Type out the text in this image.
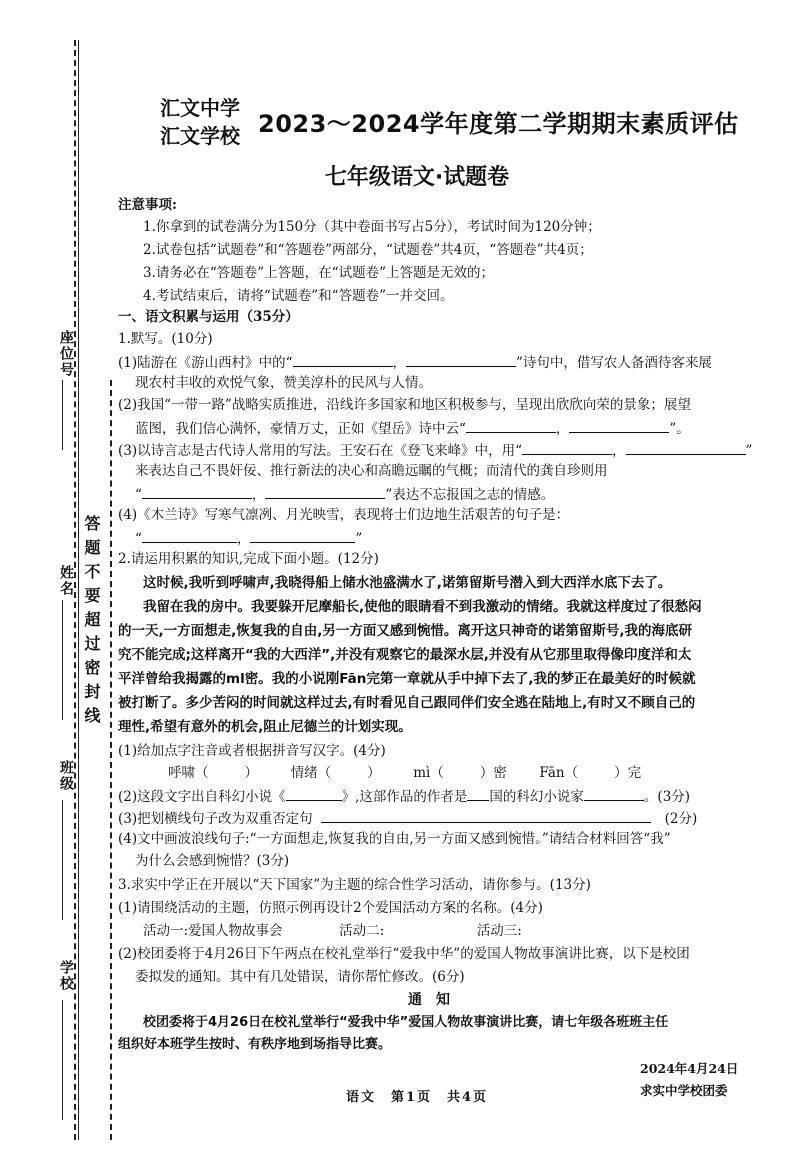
座位号
姓名
班级
学校
答题不要超过密封线
汇文中学
汇文学校 2023～2024学年度第二学期期末素质评估
七年级语文·试题卷
注意事项:
1.你拿到的试卷满分为150分（其中卷面书写占5分），考试时间为120分钟；
2.试卷包括“试题卷”和“答题卷”两部分，“试题卷”共4页，“答题卷”共4页；
3.请务必在“答题卷”上答题，在“试题卷”上答题是无效的；
4.考试结束后，请将“试题卷”和“答题卷”一并交回。
一、语文积累与运用（35分）
1.默写。(10分)
(1)陆游在《游山西村》中的“	，	”诗句中，借写农人备酒待客来展
现农村丰收的欢悦气象，赞美淳朴的民风与人情。
(2)我国“一带一路”战略实质推进，沿线许多国家和地区积极参与，呈现出欣欣向荣的景象；展望
蓝图，我们信心满怀，豪情万丈，正如《望岳》诗中云“	，	”。
(3)以诗言志是古代诗人常用的写法。王安石在《登飞来峰》中，用“	，	”
来表达自己不畏奸佞、推行新法的决心和高瞻远瞩的气概；而清代的龚自珍则用
“	，	”表达不忘报国之志的情感。
(4)《木兰诗》写寒气凛冽、月光映雪，表现将士们边地生活艰苦的句子是：
“	，	”
2.请运用积累的知识,完成下面小题。(12分)
这时候,我听到呼啸声,我晓得船上储水池盛满水了,诺第留斯号潜入到大西洋水底下去了。
我留在我的房中。我要躲开尼摩船长,使他的眼睛看不到我激动的情绪。我就这样度过了很愁闷
的一天,一方面想走,恢复我的自由,另一方面又感到惋惜。离开这只神奇的诺第留斯号,我的海底研
究不能完成;这样离开“我的大西洋”,并没有观察它的最深水层,并没有从它那里取得像印度洋和太
平洋曾给我揭露的ml密。我的小说刚Fān完第一章就从手中掉下去了,我的梦正在最美好的时候就
被打断了。多少苦闷的时间就这样过去,有时看见自己跟同伴们安全逃在陆地上,有时又不顾自己的
理性,希望有意外的机会,阻止尼德兰的计划实现。
(1)给加点字注音或者根据拼音写汉字。(4分)
呼啸（	） 情绪（	） mì（	）密 Fān（	）完
(2)这段文字出自科幻小说《	》,这部作品的作者是 国的科幻小说家	。(3分)
(3)把划横线句子改为双重否定句	(2分)
(4)文中画波浪线句子:“一方面想走,恢复我的自由,另一方面又感到惋惜。”请结合材料回答“我”
为什么会感到惋惜？(3分)
3.求实中学正在开展以“天下国家”为主题的综合性学习活动，请你参与。(13分)
(1)请围绕活动的主题，仿照示例再设计2个爱国活动方案的名称。(4分)
活动一:爱国人物故事会	活动二:	活动三:
(2)校团委将于4月26日下午两点在校礼堂举行“爱我中华”的爱国人物故事演讲比赛，以下是校团
委拟发的通知。其中有几处错误，请你帮忙修改。(6分)
通　知
校团委将于4月26日在校礼堂举行“爱我中华”爱国人物故事演讲比赛，请七年级各班班主任
组织好本班学生按时、有秩序地到场指导比赛。
2024年4月24日
求实中学校团委
语文　第1页　共4页
